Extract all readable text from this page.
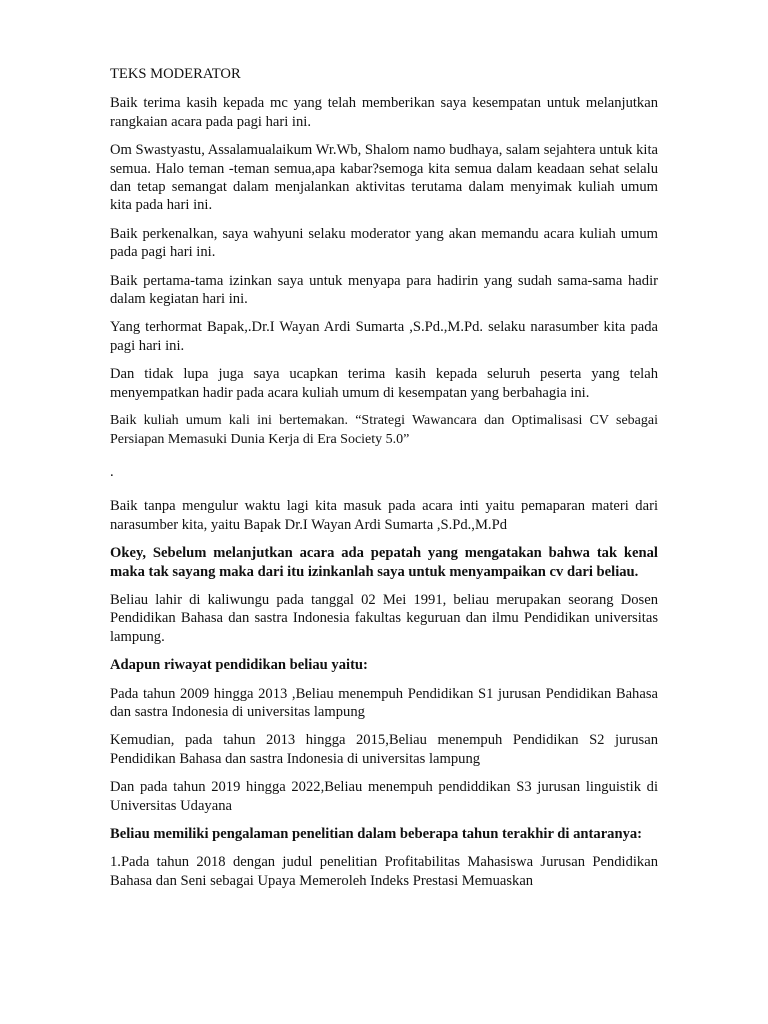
TEKS MODERATOR

Baik terima kasih kepada mc yang telah memberikan saya kesempatan untuk melanjutkan rangkaian acara pada pagi hari ini.

Om Swastyastu, Assalamualaikum Wr.Wb, Shalom namo budhaya, salam sejahtera untuk kita semua. Halo teman -teman semua,apa kabar?semoga kita semua dalam keadaan sehat selalu dan tetap semangat dalam menjalankan aktivitas terutama dalam menyimak kuliah umum kita pada hari ini.

Baik perkenalkan, saya wahyuni selaku moderator yang akan memandu acara kuliah umum pada pagi hari ini.

Baik pertama-tama izinkan saya untuk menyapa para hadirin yang sudah sama-sama hadir dalam kegiatan hari ini.

Yang terhormat Bapak,.Dr.I Wayan Ardi Sumarta ,S.Pd.,M.Pd. selaku narasumber kita pada pagi hari ini.

Dan tidak lupa juga saya ucapkan terima kasih kepada seluruh peserta yang telah menyempatkan hadir pada acara kuliah umum di kesempatan yang berbahagia ini.

Baik kuliah umum kali ini bertemakan. “Strategi Wawancara dan Optimalisasi CV sebagai Persiapan Memasuki Dunia Kerja di Era Society 5.0”

.

Baik tanpa mengulur waktu lagi kita masuk pada acara inti yaitu pemaparan materi dari narasumber kita, yaitu Bapak Dr.I Wayan Ardi Sumarta ,S.Pd.,M.Pd

Okey, Sebelum melanjutkan acara ada pepatah yang mengatakan bahwa tak kenal maka tak sayang maka dari itu izinkanlah saya untuk menyampaikan cv dari beliau.

Beliau lahir di kaliwungu pada tanggal 02 Mei 1991, beliau merupakan seorang Dosen Pendidikan Bahasa dan sastra Indonesia fakultas keguruan dan ilmu Pendidikan universitas lampung.

Adapun riwayat pendidikan beliau yaitu:

Pada tahun 2009 hingga 2013 ,Beliau menempuh Pendidikan S1 jurusan Pendidikan Bahasa dan sastra Indonesia di universitas lampung

Kemudian, pada tahun 2013 hingga 2015,Beliau menempuh Pendidikan S2 jurusan Pendidikan Bahasa dan sastra Indonesia di universitas lampung

Dan pada tahun 2019 hingga 2022,Beliau menempuh pendiddikan S3 jurusan linguistik di Universitas Udayana

Beliau memiliki pengalaman penelitian dalam beberapa tahun terakhir di antaranya:

1.Pada tahun 2018 dengan judul penelitian Profitabilitas Mahasiswa Jurusan Pendidikan Bahasa dan Seni sebagai Upaya Memeroleh Indeks Prestasi Memuaskan
